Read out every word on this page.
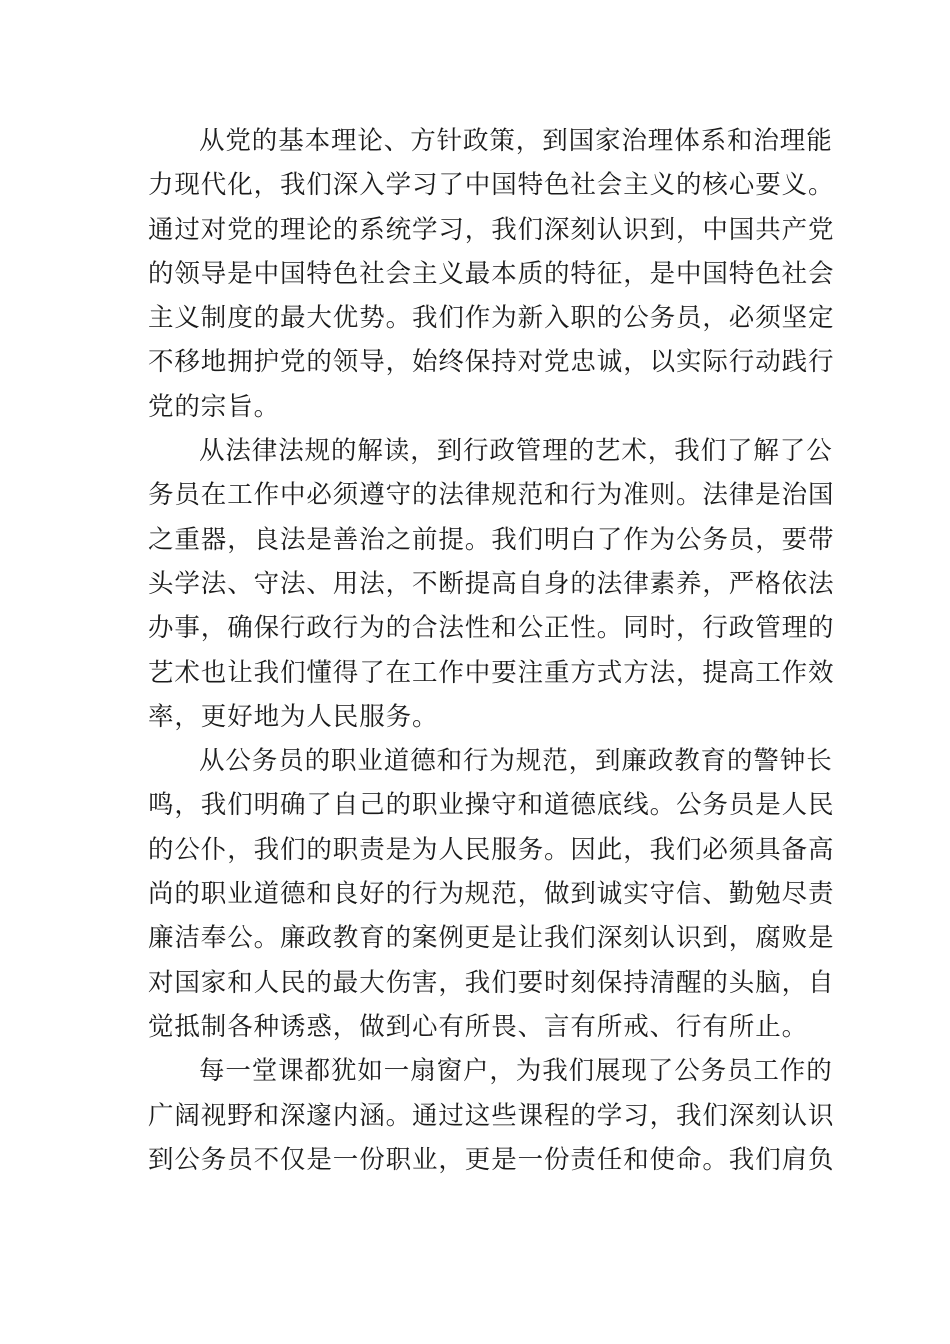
从党的基本理论、方针政策，到国家治理体系和治理能
力现代化，我们深入学习了中国特色社会主义的核心要义。
通过对党的理论的系统学习，我们深刻认识到，中国共产党
的领导是中国特色社会主义最本质的特征，是中国特色社会
主义制度的最大优势。我们作为新入职的公务员，必须坚定
不移地拥护党的领导，始终保持对党忠诚，以实际行动践行
党的宗旨。
从法律法规的解读，到行政管理的艺术，我们了解了公
务员在工作中必须遵守的法律规范和行为准则。法律是治国
之重器，良法是善治之前提。我们明白了作为公务员，要带
头学法、守法、用法，不断提高自身的法律素养，严格依法
办事，确保行政行为的合法性和公正性。同时，行政管理的
艺术也让我们懂得了在工作中要注重方式方法，提高工作效
率，更好地为人民服务。
从公务员的职业道德和行为规范，到廉政教育的警钟长
鸣，我们明确了自己的职业操守和道德底线。公务员是人民
的公仆，我们的职责是为人民服务。因此，我们必须具备高
尚的职业道德和良好的行为规范，做到诚实守信、勤勉尽责
廉洁奉公。廉政教育的案例更是让我们深刻认识到，腐败是
对国家和人民的最大伤害，我们要时刻保持清醒的头脑，自
觉抵制各种诱惑，做到心有所畏、言有所戒、行有所止。
每一堂课都犹如一扇窗户，为我们展现了公务员工作的
广阔视野和深邃内涵。通过这些课程的学习，我们深刻认识
到公务员不仅是一份职业，更是一份责任和使命。我们肩负
